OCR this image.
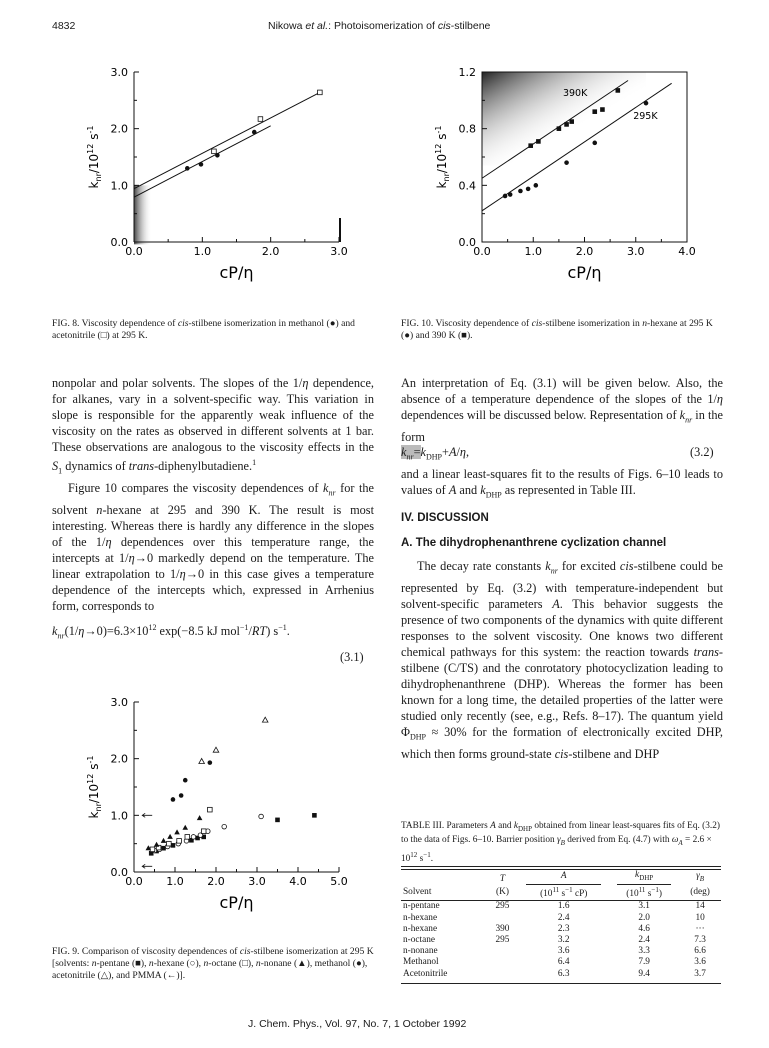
4832	Nikowa et al.: Photoisomerization of cis-stilbene
0.0	1.0	2.0	3.0
0.0
1.0
2.0
3.0
cP/η
$k_{nr}/10^{12}$ $s^{-1}$
FIG. 8. Viscosity dependence of cis-stilbene isomerization in methanol (●) and acetonitrile (□) at 295 K.
0.0	1.0	2.0	3.0	4.0
0.0
0.4
0.8
1.2
cP/η
$k_{nr}/10^{12}$ $s^{-1}$
390K
295K
FIG. 10. Viscosity dependence of cis-stilbene isomerization in n-hexane at 295 K (●) and 390 K (■).

nonpolar and polar solvents. The slopes of the 1/η dependence, for alkanes, vary in a solvent-specific way. This variation in slope is responsible for the apparently weak influence of the viscosity on the rates as observed in different solvents at 1 bar. These observations are analogous to the viscosity effects in the $S_1$ dynamics of trans-diphenylbutadiene.$^1$

Figure 10 compares the viscosity dependences of $k_{nr}$ for the solvent n-hexane at 295 and 390 K. The result is most interesting. Whereas there is hardly any difference in the slopes of the 1/η dependences over this temperature range, the intercepts at 1/η→0 markedly depend on the temperature. The linear extrapolation to 1/η→0 in this case gives a temperature dependence of the intercepts which, expressed in Arrhenius form, corresponds to

$k_{nr}(1/\eta\to 0)=6.3\times 10^{12}$ exp(−8.5 kJ mol$^{-1}$/RT) $s^{-1}$.
(3.1)
0.0 1.0 2.0 3.0 4.0 5.0
0.0
1.0
2.0
3.0
cP/η
$k_{nr}/10^{12}$ $s^{-1}$
FIG. 9. Comparison of viscosity dependences of cis-stilbene isomerization at 295 K [solvents: n-pentane (■), n-hexane (○), n-octane (□), n-nonane (▲), methanol (●), acetonitrile (△), and PMMA (←)].
An interpretation of Eq. (3.1) will be given below. Also, the absence of a temperature dependence of the slopes of the 1/η dependences will be discussed below. Representation of $k_{nr}$ in the form
$k_{nr}=k_{DHP}+A/\eta$,	(3.2)
and a linear least-squares fit to the results of Figs. 6–10 leads to values of A and $k_{DHP}$ as represented in Table III.
IV. DISCUSSION
A. The dihydrophenanthrene cyclization channel
The decay rate constants $k_{nr}$ for excited cis-stilbene could be represented by Eq. (3.2) with temperature-independent but solvent-specific parameters A. This behavior suggests the presence of two components of the dynamics with quite different responses to the solvent viscosity. One knows two different chemical pathways for this system: the reaction towards trans-stilbene (C/TS) and the conrotatory photocyclization leading to dihydrophenanthrene (DHP). Whereas the former has been known for a long time, the detailed properties of the latter were studied only recently (see, e.g., Refs. 8–17). The quantum yield $\Phi_{DHP} \approx 30\%$ for the formation of electronically excited DHP, which then forms ground-state cis-stilbene and DHP
TABLE III. Parameters A and $k_{DHP}$ obtained from linear least-squares fits of Eq. (3.2) to the data of Figs. 6–10. Barrier position $\gamma_B$ derived from Eq. (4.7) with $\omega_A = 2.6 \times 10^{12}$ $s^{-1}$.
	T	A	$k_{DHP}$	$\gamma_B$

Solvent	(K)	($10^{11}$ $s^{-1}$ cP)	($10^{11}$ $s^{-1}$)	(deg)
n-pentane	295	1.6	3.1	14
n-hexane		2.4	2.0	10
n-hexane	390	2.3	4.6	···
n-octane	295	3.2	2.4	7.3
n-nonane		3.6	3.3	6.6
Methanol		6.4	7.9	3.6
Acetonitrile		6.3	9.4	3.7
J. Chem. Phys., Vol. 97, No. 7, 1 October 1992
